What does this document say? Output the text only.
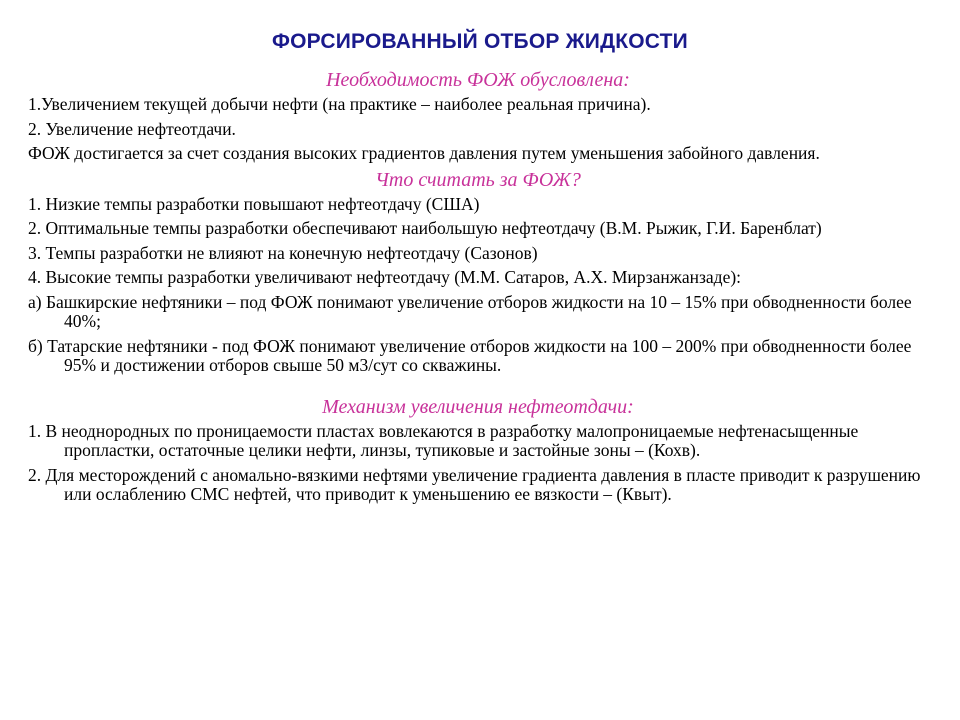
ФОРСИРОВАННЫЙ ОТБОР ЖИДКОСТИ
Необходимость ФОЖ обусловлена:
1.Увеличением текущей добычи нефти (на практике – наиболее реальная причина).
2. Увеличение нефтеотдачи.
ФОЖ достигается за счет создания высоких градиентов давления путем уменьшения забойного давления.
Что считать за ФОЖ?
1. Низкие темпы разработки повышают нефтеотдачу (США)
2. Оптимальные темпы разработки обеспечивают наибольшую нефтеотдачу (В.М. Рыжик, Г.И. Баренблат)
3. Темпы разработки не влияют на конечную нефтеотдачу (Сазонов)
4. Высокие темпы разработки увеличивают нефтеотдачу (М.М. Сатаров, А.Х. Мирзанжанзаде):
а) Башкирские нефтяники – под ФОЖ понимают увеличение отборов жидкости на 10 – 15% при обводненности более 40%;
б) Татарские нефтяники - под ФОЖ понимают увеличение отборов жидкости на 100 – 200% при обводненности более 95% и достижении отборов свыше 50 м3/сут со скважины.
Механизм увеличения нефтеотдачи:
1. В неоднородных по проницаемости пластах вовлекаются в разработку малопроницаемые нефтенасыщенные пропластки, остаточные целики нефти, линзы, тупиковые и застойные зоны – (Кохв).
2. Для месторождений с аномально-вязкими нефтями увеличение градиента давления в пласте приводит к разрушению или ослаблению СМС нефтей, что приводит к уменьшению ее вязкости – (Квыт).
